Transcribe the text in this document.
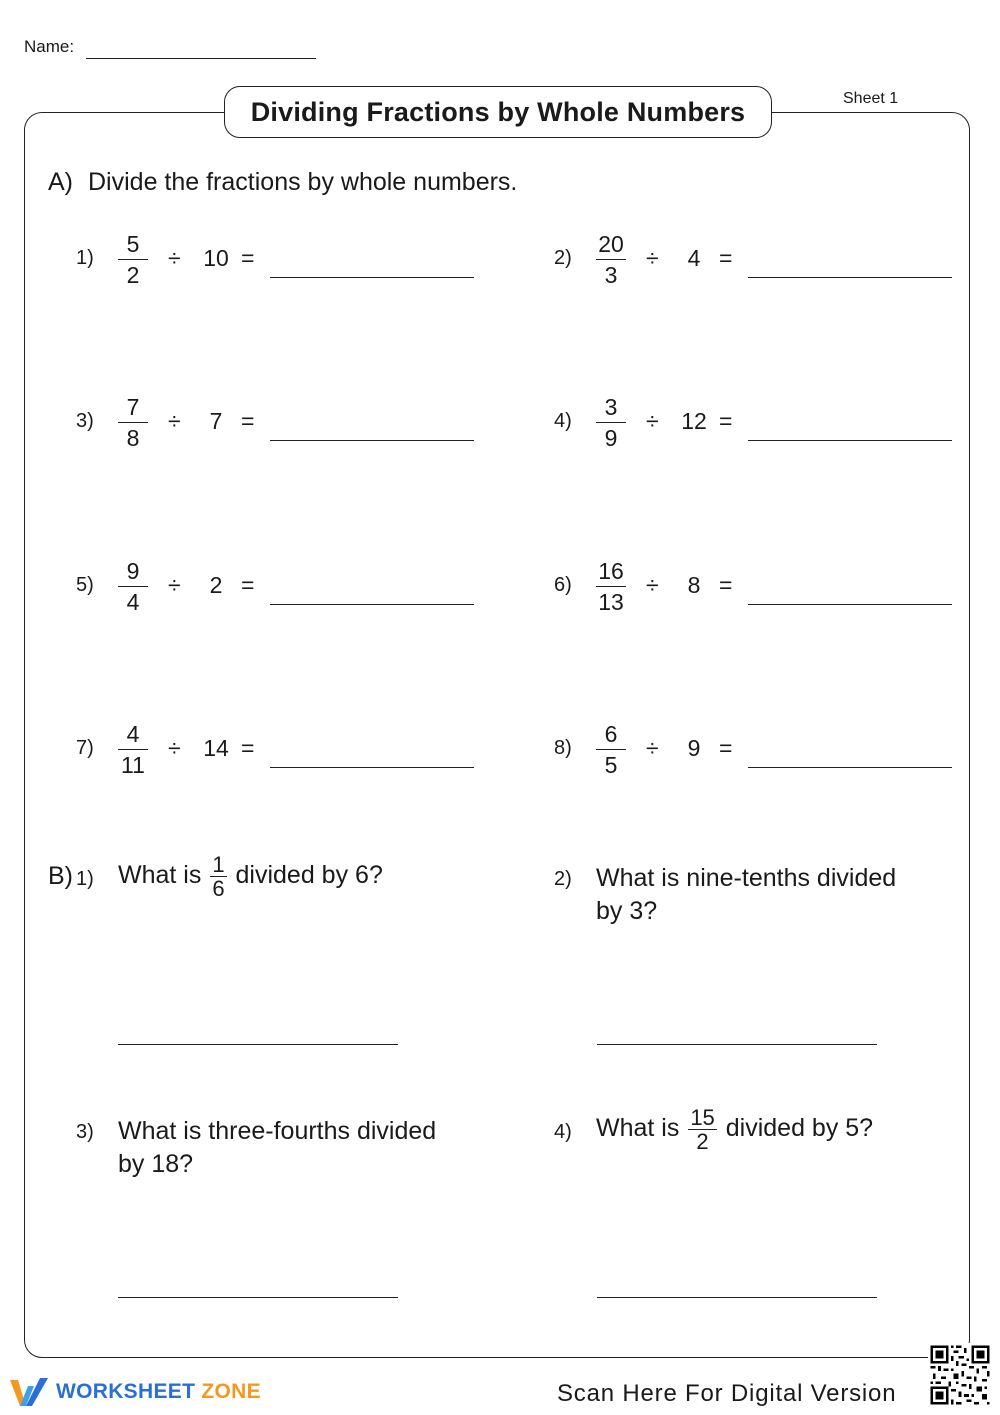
Name:
Sheet 1
Dividing Fractions by Whole Numbers
A) Divide the fractions by whole numbers.
1)
5
2
÷ 10 =	2)
20
3
÷	4 =
3)
7
8
÷	7 =	4)
3
9
÷ 12 =
5)
9
4
÷	2 =	6)
16
13
÷	8 =
7)
4
11
÷ 14 =	8)
6
5
÷	9 =
B) 1) What is $\frac{1}{6}$ divided by 6?	2) What is nine-tenths divided
by 3?
3) What is three-fourths divided
by 18?
4) What is $\frac{15}{2}$ divided by 5?
WORKSHEET ZONE	Scan Here For Digital Version
